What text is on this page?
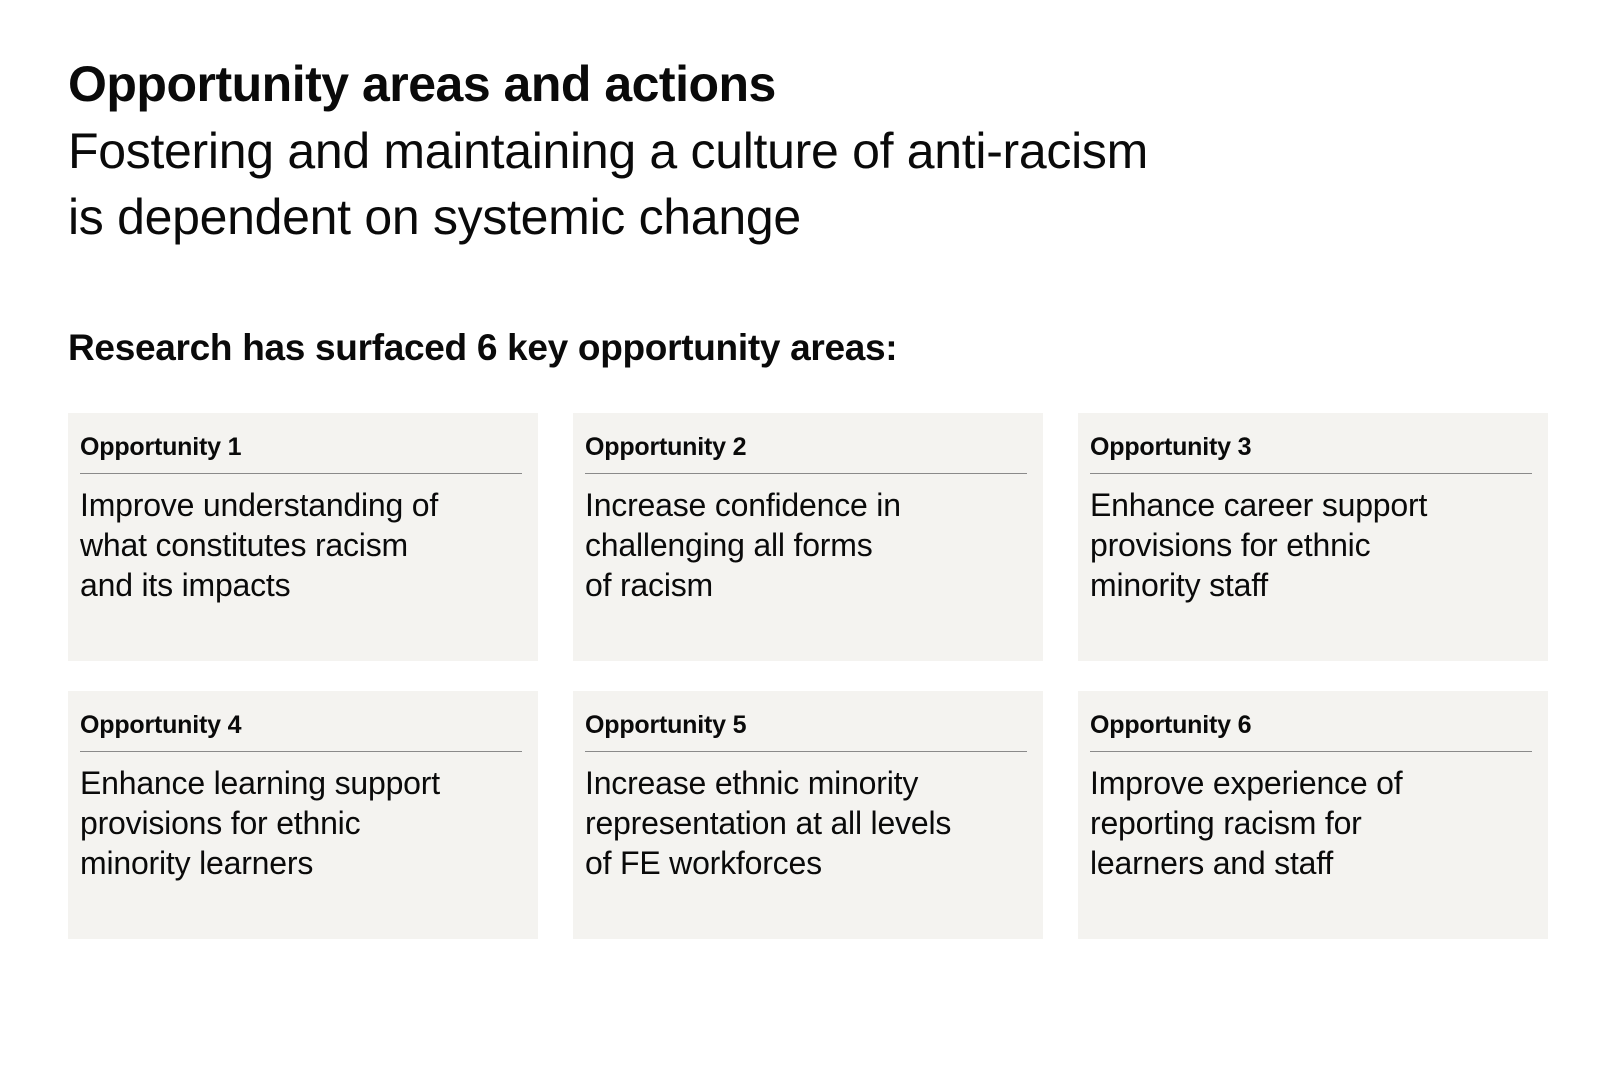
Opportunity areas and actions
Fostering and maintaining a culture of anti-racism
is dependent on systemic change
Research has surfaced 6 key opportunity areas:
Opportunity 1
Improve understanding of
what constitutes racism
and its impacts
Opportunity 2
Increase confidence in
challenging all forms
of racism
Opportunity 3
Enhance career support
provisions for ethnic
minority staff
Opportunity 4
Enhance learning support
provisions for ethnic
minority learners
Opportunity 5
Increase ethnic minority
representation at all levels
of FE workforces
Opportunity 6
Improve experience of
reporting racism for
learners and staff
